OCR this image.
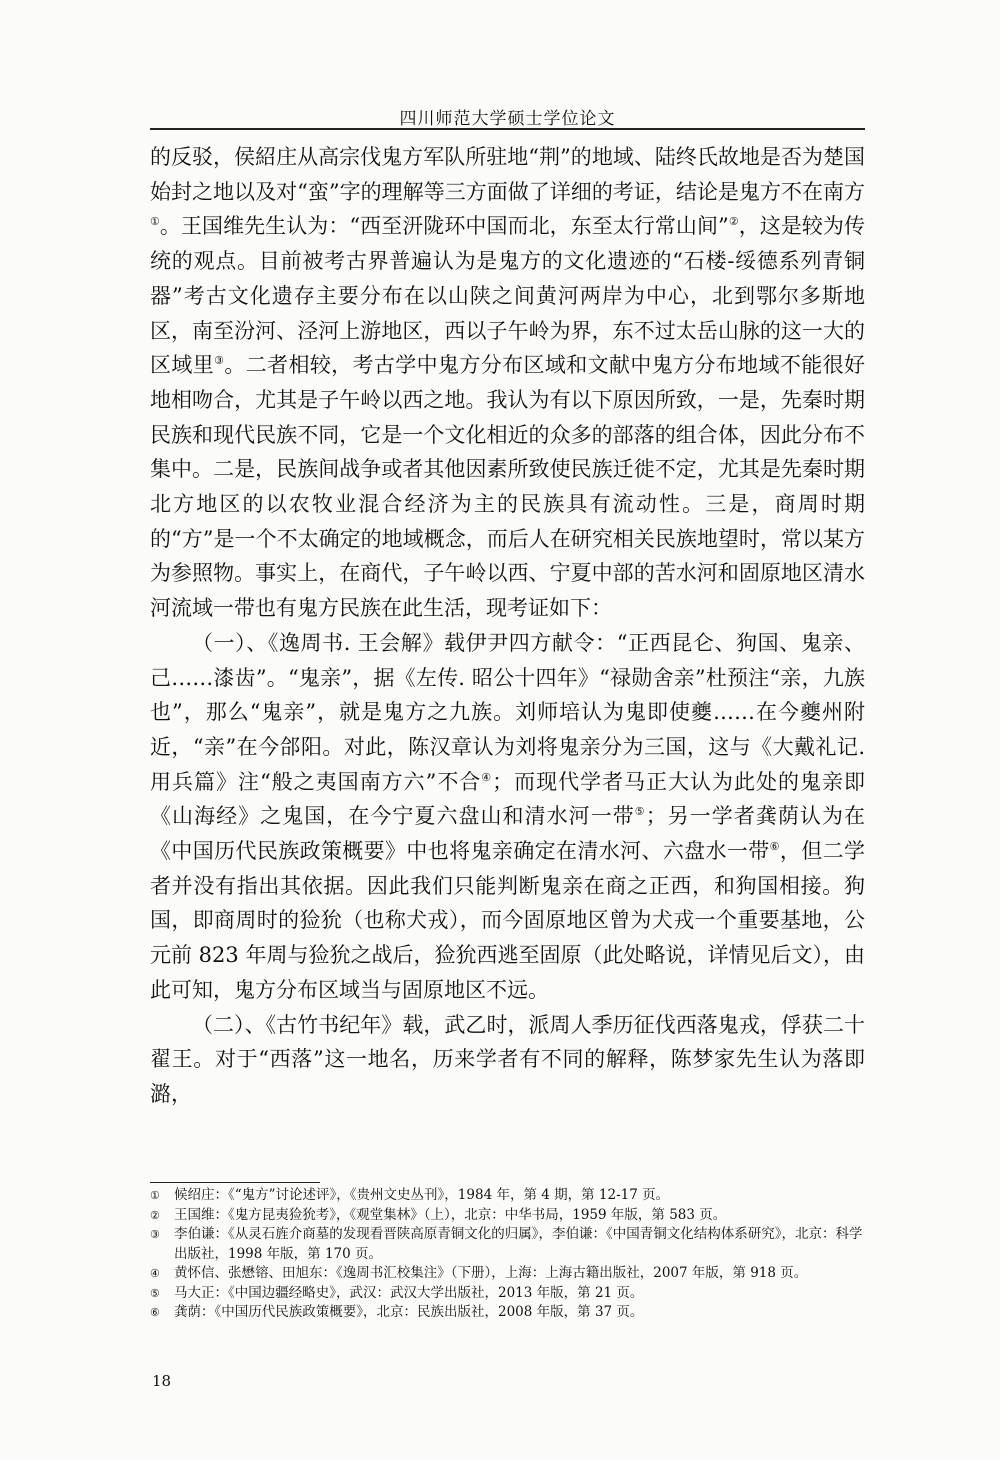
四川师范大学硕士学位论文

的反驳，侯紹庄从高宗伐鬼方军队所驻地“荆”的地域、陆终氏故地是否为楚国始封之地以及对“蛮”字的理解等三方面做了详细的考证，结论是鬼方不在南方①。王国维先生认为：“西至汧陇环中国而北，东至太行常山间”②，这是较为传统的观点。目前被考古界普遍认为是鬼方的文化遗迹的“石楼-绥德系列青铜器”考古文化遗存主要分布在以山陕之间黄河两岸为中心，北到鄂尔多斯地区，南至汾河、泾河上游地区，西以子午岭为界，东不过太岳山脉的这一大的区域里③。二者相较，考古学中鬼方分布区域和文献中鬼方分布地域不能很好地相吻合，尤其是子午岭以西之地。我认为有以下原因所致，一是，先秦时期民族和现代民族不同，它是一个文化相近的众多的部落的组合体，因此分布不集中。二是，民族间战争或者其他因素所致使民族迁徙不定，尤其是先秦时期北方地区的以农牧业混合经济为主的民族具有流动性。三是，商周时期的“方”是一个不太确定的地域概念，而后人在研究相关民族地望时，常以某方为参照物。事实上，在商代，子午岭以西、宁夏中部的苦水河和固原地区清水河流域一带也有鬼方民族在此生活，现考证如下：

（一）、《逸周书. 王会解》载伊尹四方献令：“正西昆仑、狗国、鬼亲、己……漆齿”。“鬼亲”，据《左传. 昭公十四年》“禄勋舍亲”杜预注“亲，九族也”，那么“鬼亲”，就是鬼方之九族。刘师培认为鬼即使夔……在今夔州附近，“亲”在今郃阳。对此，陈汉章认为刘将鬼亲分为三国，这与《大戴礼记. 用兵篇》注“般之夷国南方六”不合④；而现代学者马正大认为此处的鬼亲即《山海经》之鬼国，在今宁夏六盘山和清水河一带⑤；另一学者龚荫认为在《中国历代民族政策概要》中也将鬼亲确定在清水河、六盘水一带⑥，但二学者并没有指出其依据。因此我们只能判断鬼亲在商之正西，和狗国相接。狗国，即商周时的猃狁（也称犬戎），而今固原地区曾为犬戎一个重要基地，公元前 823 年周与猃狁之战后，猃狁西逃至固原（此处略说，详情见后文），由此可知，鬼方分布区域当与固原地区不远。

（二）、《古竹书纪年》载，武乙时，派周人季历征伐西落鬼戎，俘获二十翟王。对于“西落”这一地名，历来学者有不同的解释，陈梦家先生认为落即潞，

①	候绍庄：《“鬼方”讨论述评》，《贵州文史丛刊》，1984 年，第 4 期，第 12-17 页。
②	王国维：《鬼方昆夷猃狁考》，《观堂集林》（上），北京：中华书局，1959 年版，第 583 页。
③	李伯谦：《从灵石旌介商墓的发现看晋陕高原青铜文化的归属》，李伯谦：《中国青铜文化结构体系研究》，北京：科学出版社，1998 年版，第 170 页。
④	黄怀信、张懋镕、田旭东：《逸周书汇校集注》（下册），上海：上海古籍出版社，2007 年版，第 918 页。
⑤	马大正：《中国边疆经略史》，武汉：武汉大学出版社，2013 年版，第 21 页。
⑥	龚荫：《中国历代民族政策概要》，北京：民族出版社，2008 年版，第 37 页。
18
